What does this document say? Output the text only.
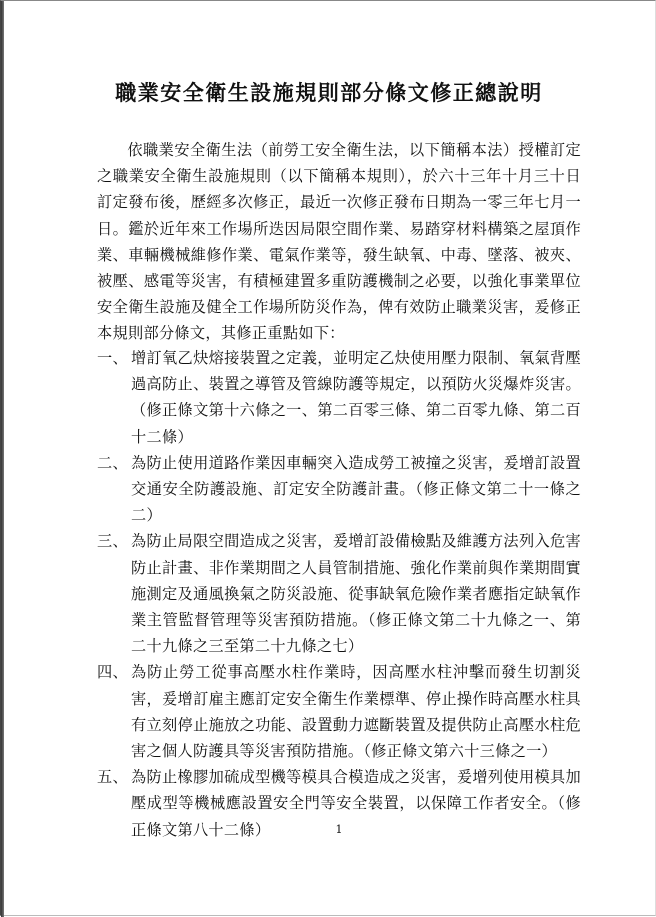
職業安全衛生設施規則部分條文修正總說明
依職業安全衛生法（前勞工安全衛生法，以下簡稱本法）授權訂定之職業安全衛生設施規則（以下簡稱本規則），於六十三年十月三十日訂定發布後，歷經多次修正，最近一次修正發布日期為一零三年七月一日。鑑於近年來工作場所迭因局限空間作業、易踏穿材料構築之屋頂作業、車輛機械維修作業、電氣作業等，發生缺氧、中毒、墜落、被夾、被壓、感電等災害，有積極建置多重防護機制之必要，以強化事業單位安全衛生設施及健全工作場所防災作為，俾有效防止職業災害，爰修正本規則部分條文，其修正重點如下：
一、 增訂氧乙炔熔接裝置之定義，並明定乙炔使用壓力限制、氧氣背壓過高防止、裝置之導管及管線防護等規定，以預防火災爆炸災害。（修正條文第十六條之一、第二百零三條、第二百零九條、第二百十二條）
二、 為防止使用道路作業因車輛突入造成勞工被撞之災害，爰增訂設置交通安全防護設施、訂定安全防護計畫。（修正條文第二十一條之二）
三、 為防止局限空間造成之災害，爰增訂設備檢點及維護方法列入危害防止計畫、非作業期間之人員管制措施、強化作業前與作業期間實施測定及通風換氣之防災設施、從事缺氧危險作業者應指定缺氧作業主管監督管理等災害預防措施。（修正條文第二十九條之一、第二十九條之三至第二十九條之七）
四、 為防止勞工從事高壓水柱作業時，因高壓水柱沖擊而發生切割災害，爰增訂雇主應訂定安全衛生作業標準、停止操作時高壓水柱具有立刻停止施放之功能、設置動力遮斷裝置及提供防止高壓水柱危害之個人防護具等災害預防措施。（修正條文第六十三條之一）
五、 為防止橡膠加硫成型機等模具合模造成之災害，爰增列使用模具加壓成型等機械應設置安全門等安全裝置，以保障工作者安全。（修正條文第八十二條）	1
